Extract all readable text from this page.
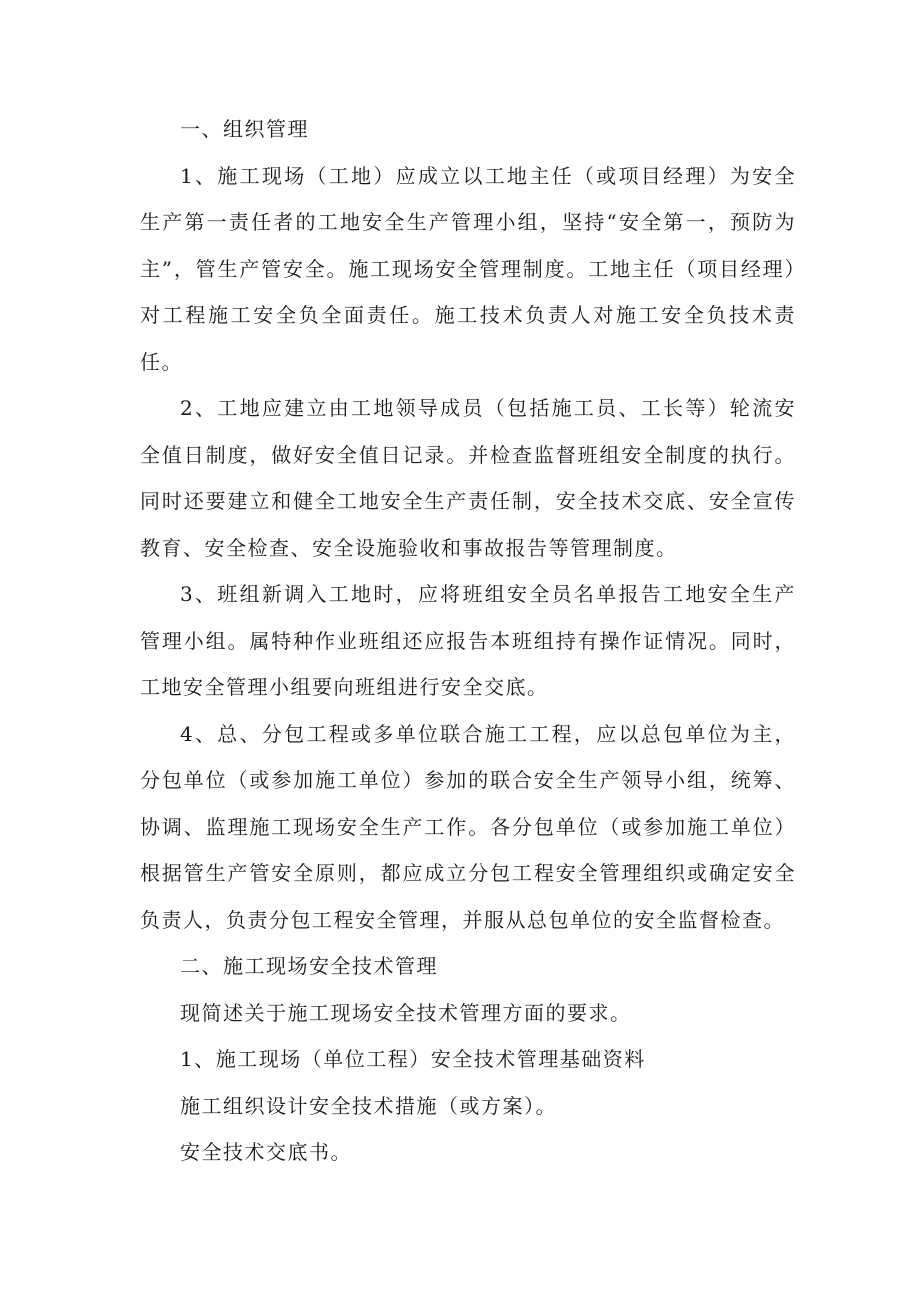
一、组织管理

1、施工现场（工地）应成立以工地主任（或项目经理）为安全生产第一责任者的工地安全生产管理小组，坚持“安全第一，预防为主”，管生产管安全。施工现场安全管理制度。工地主任（项目经理）对工程施工安全负全面责任。施工技术负责人对施工安全负技术责任。

2、工地应建立由工地领导成员（包括施工员、工长等）轮流安全值日制度，做好安全值日记录。并检查监督班组安全制度的执行。同时还要建立和健全工地安全生产责任制，安全技术交底、安全宣传教育、安全检查、安全设施验收和事故报告等管理制度。

3、班组新调入工地时，应将班组安全员名单报告工地安全生产管理小组。属特种作业班组还应报告本班组持有操作证情况。同时，工地安全管理小组要向班组进行安全交底。

4、总、分包工程或多单位联合施工工程，应以总包单位为主，分包单位（或参加施工单位）参加的联合安全生产领导小组，统筹、协调、监理施工现场安全生产工作。各分包单位（或参加施工单位）根据管生产管安全原则，都应成立分包工程安全管理组织或确定安全负责人，负责分包工程安全管理，并服从总包单位的安全监督检查。

二、施工现场安全技术管理

现简述关于施工现场安全技术管理方面的要求。

1、施工现场（单位工程）安全技术管理基础资料

施工组织设计安全技术措施（或方案）。

安全技术交底书。
